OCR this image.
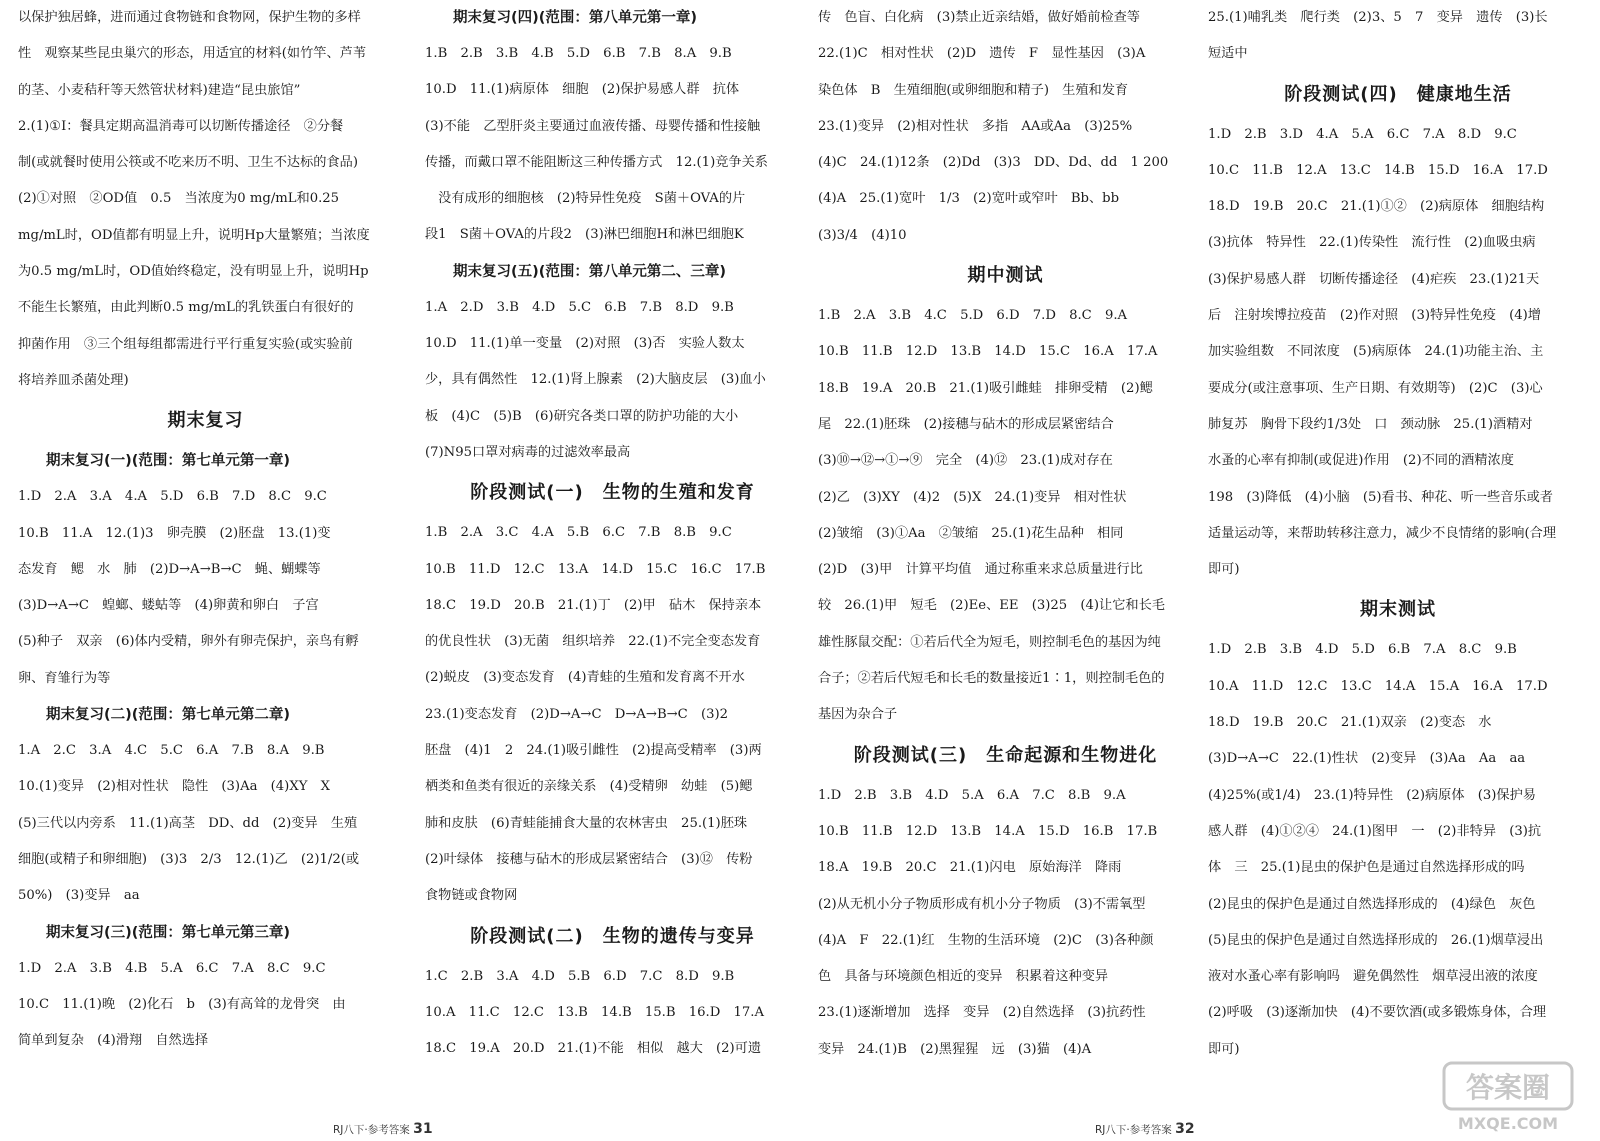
以保护独居蜂，进而通过食物链和食物网，保护生物的多样

性　观察某些昆虫巢穴的形态，用适宜的材料(如竹竿、芦苇

的茎、小麦秸秆等天然管状材料)建造“昆虫旅馆”

2.(1)①Ⅰ：餐具定期高温消毒可以切断传播途径　②分餐

制(或就餐时使用公筷或不吃来历不明、卫生不达标的食品)

(2)①对照　②OD值　0.5　当浓度为0 mg/mL和0.25

mg/mL时，OD值都有明显上升，说明Hp大量繁殖；当浓度

为0.5 mg/mL时，OD值始终稳定，没有明显上升，说明Hp

不能生长繁殖，由此判断0.5 mg/mL的乳铁蛋白有很好的

抑菌作用　③三个组每组都需进行平行重复实验(或实验前

将培养皿杀菌处理)

期末复习
期末复习(一)(范围：第七单元第一章)

1.D　2.A　3.A　4.A　5.D　6.B　7.D　8.C　9.C

10.B　11.A　12.(1)3　卵壳膜　(2)胚盘　13.(1)变

态发育　鳃　水　肺　(2)D→A→B→C　蝇、蝴蝶等

(3)D→A→C　蝗螂、蝼蛄等　(4)卵黄和卵白　子宫

(5)种子　双亲　(6)体内受精，卵外有卵壳保护，亲鸟有孵

卵、育雏行为等

期末复习(二)(范围：第七单元第二章)

1.A　2.C　3.A　4.C　5.C　6.A　7.B　8.A　9.B

10.(1)变异　(2)相对性状　隐性　(3)Aa　(4)XY　X

(5)三代以内旁系　11.(1)高茎　DD、dd　(2)变异　生殖

细胞(或精子和卵细胞)　(3)3　2/3　12.(1)乙　(2)1/2(或

50%)　(3)变异　aa

期末复习(三)(范围：第七单元第三章)

1.D　2.A　3.B　4.B　5.A　6.C　7.A　8.C　9.C

10.C　11.(1)晚　(2)化石　b　(3)有高耸的龙骨突　由

简单到复杂　(4)滑翔　自然选择

期末复习(四)(范围：第八单元第一章)

1.B　2.B　3.B　4.B　5.D　6.B　7.B　8.A　9.B

10.D　11.(1)病原体　细胞　(2)保护易感人群　抗体

(3)不能　乙型肝炎主要通过血液传播、母婴传播和性接触

传播，而戴口罩不能阻断这三种传播方式　12.(1)竞争关系

　没有成形的细胞核　(2)特异性免疫　S菌＋OVA的片

段1　S菌＋OVA的片段2　(3)淋巴细胞H和淋巴细胞K

期末复习(五)(范围：第八单元第二、三章)

1.A　2.D　3.B　4.D　5.C　6.B　7.B　8.D　9.B

10.D　11.(1)单一变量　(2)对照　(3)否　实验人数太

少，具有偶然性　12.(1)肾上腺素　(2)大脑皮层　(3)血小

板　(4)C　(5)B　(6)研究各类口罩的防护功能的大小

(7)N95口罩对病毒的过滤效率最高

阶段测试(一)　生物的生殖和发育

1.B　2.A　3.C　4.A　5.B　6.C　7.B　8.B　9.C

10.B　11.D　12.C　13.A　14.D　15.C　16.C　17.B

18.C　19.D　20.B　21.(1)丁　(2)甲　砧木　保持亲本

的优良性状　(3)无菌　组织培养　22.(1)不完全变态发育

(2)蜕皮　(3)变态发育　(4)青蛙的生殖和发育离不开水

23.(1)变态发育　(2)D→A→C　D→A→B→C　(3)2

胚盘　(4)1　2　24.(1)吸引雌性　(2)提高受精率　(3)两

栖类和鱼类有很近的亲缘关系　(4)受精卵　幼蛙　(5)鳃

肺和皮肤　(6)青蛙能捕食大量的农林害虫　25.(1)胚珠

(2)叶绿体　接穗与砧木的形成层紧密结合　(3)⑫　传粉

食物链或食物网

阶段测试(二)　生物的遗传与变异

1.C　2.B　3.A　4.D　5.B　6.D　7.C　8.D　9.B

10.A　11.C　12.C　13.B　14.B　15.B　16.D　17.A

18.C　19.A　20.D　21.(1)不能　相似　越大　(2)可遗

传　色盲、白化病　(3)禁止近亲结婚，做好婚前检查等

22.(1)C　相对性状　(2)D　遗传　F　显性基因　(3)A

染色体　B　生殖细胞(或卵细胞和精子)　生殖和发育

23.(1)变异　(2)相对性状　多指　AA或Aa　(3)25%

(4)C　24.(1)12条　(2)Dd　(3)3　DD、Dd、dd　1 200

(4)A　25.(1)宽叶　1/3　(2)宽叶或窄叶　Bb、bb

(3)3/4　(4)10

期中测试

1.B　2.A　3.B　4.C　5.D　6.D　7.D　8.C　9.A

10.B　11.B　12.D　13.B　14.D　15.C　16.A　17.A

18.B　19.A　20.B　21.(1)吸引雌蛙　排卵受精　(2)鳃

尾　22.(1)胚珠　(2)接穗与砧木的形成层紧密结合

(3)⑩→⑫→①→⑨　完全　(4)⑫　23.(1)成对存在

(2)乙　(3)XY　(4)2　(5)X　24.(1)变异　相对性状

(2)皱缩　(3)①Aa　②皱缩　25.(1)花生品种　相同

(2)D　(3)甲　计算平均值　通过称重来求总质量进行比

较　26.(1)甲　短毛　(2)Ee、EE　(3)25　(4)让它和长毛

雄性豚鼠交配：①若后代全为短毛，则控制毛色的基因为纯

合子；②若后代短毛和长毛的数量接近1∶1，则控制毛色的

基因为杂合子

阶段测试(三)　生命起源和生物进化

1.D　2.B　3.B　4.D　5.A　6.A　7.C　8.B　9.A

10.B　11.B　12.D　13.B　14.A　15.D　16.B　17.B

18.A　19.B　20.C　21.(1)闪电　原始海洋　降雨

(2)从无机小分子物质形成有机小分子物质　(3)不需氧型

(4)A　F　22.(1)红　生物的生活环境　(2)C　(3)各种颜

色　具备与环境颜色相近的变异　积累着这种变异

23.(1)逐渐增加　选择　变异　(2)自然选择　(3)抗药性

变异　24.(1)B　(2)黑猩猩　远　(3)猫　(4)A

25.(1)哺乳类　爬行类　(2)3、5　7　变异　遗传　(3)长

短适中

阶段测试(四)　健康地生活

1.D　2.B　3.D　4.A　5.A　6.C　7.A　8.D　9.C

10.C　11.B　12.A　13.C　14.B　15.D　16.A　17.D

18.D　19.B　20.C　21.(1)①②　(2)病原体　细胞结构

(3)抗体　特异性　22.(1)传染性　流行性　(2)血吸虫病

(3)保护易感人群　切断传播途径　(4)疟疾　23.(1)21天

后　注射埃博拉疫苗　(2)作对照　(3)特异性免疫　(4)增

加实验组数　不同浓度　(5)病原体　24.(1)功能主治、主

要成分(或注意事项、生产日期、有效期等)　(2)C　(3)心

肺复苏　胸骨下段约1/3处　口　颈动脉　25.(1)酒精对

水蚤的心率有抑制(或促进)作用　(2)不同的酒精浓度

198　(3)降低　(4)小脑　(5)看书、种花、听一些音乐或者

适量运动等，来帮助转移注意力，减少不良情绪的影响(合理

即可)

期末测试

1.D　2.B　3.B　4.D　5.D　6.B　7.A　8.C　9.B

10.A　11.D　12.C　13.C　14.A　15.A　16.A　17.D

18.D　19.B　20.C　21.(1)双亲　(2)变态　水

(3)D→A→C　22.(1)性状　(2)变异　(3)Aa　Aa　aa

(4)25%(或1/4)　23.(1)特异性　(2)病原体　(3)保护易

感人群　(4)①②④　24.(1)图甲　一　(2)非特异　(3)抗

体　三　25.(1)昆虫的保护色是通过自然选择形成的吗

(2)昆虫的保护色是通过自然选择形成的　(4)绿色　灰色

(5)昆虫的保护色是通过自然选择形成的　26.(1)烟草浸出

液对水蚤心率有影响吗　避免偶然性　烟草浸出液的浓度

(2)呼吸　(3)逐渐加快　(4)不要饮酒(或多锻炼身体，合理

即可)

RJ八下·参考答案 31	RJ八下·参考答案 32
答案圈
MXQE.COM
